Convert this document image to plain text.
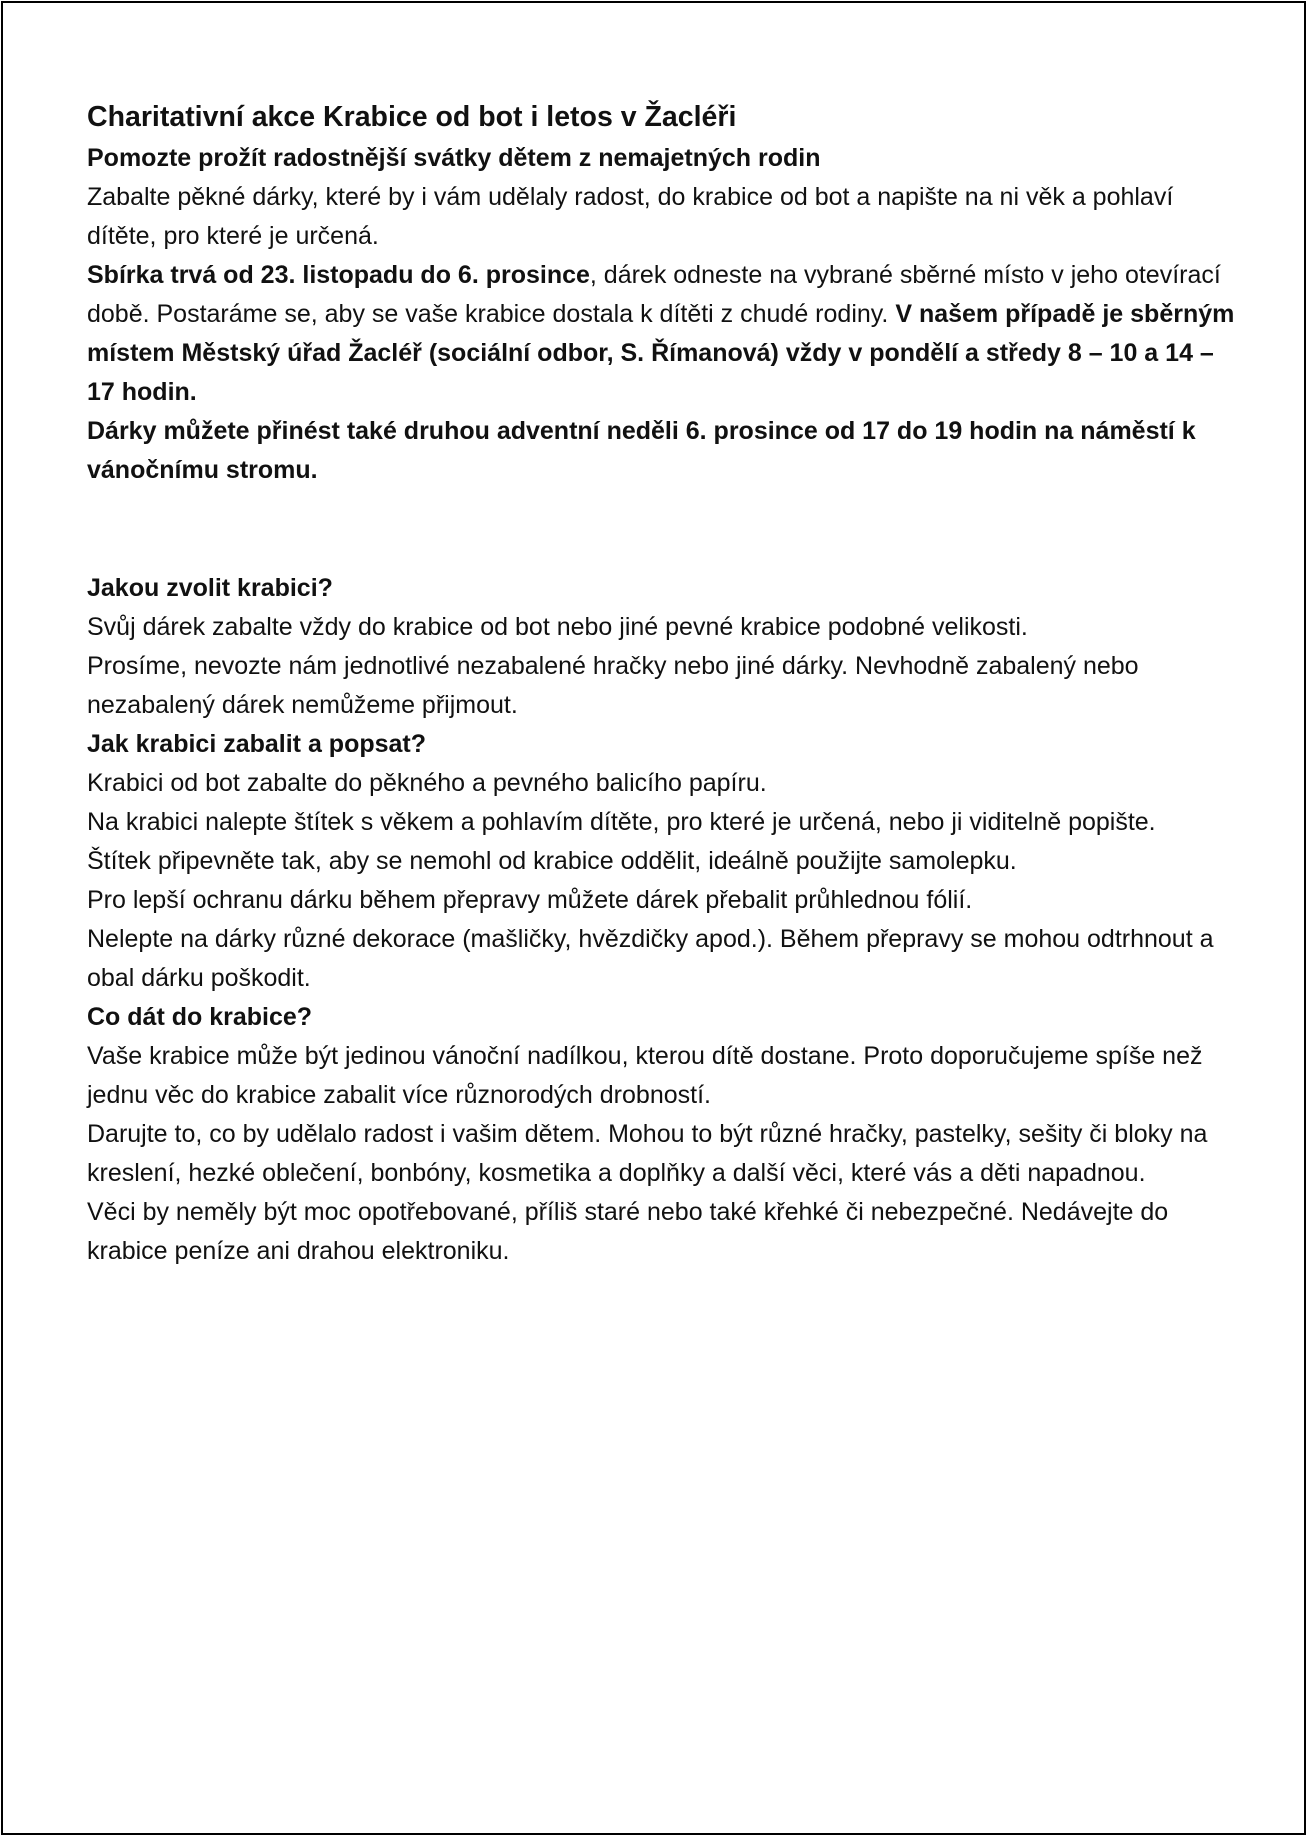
Charitativní akce Krabice od bot i letos v Žacléři

Pomozte prožít radostnější svátky dětem z nemajetných rodin

Zabalte pěkné dárky, které by i vám udělaly radost, do krabice od bot a napište na ni věk a pohlaví dítěte, pro které je určená.

Sbírka trvá od 23. listopadu do 6. prosince, dárek odneste na vybrané sběrné místo v jeho otevírací době. Postaráme se, aby se vaše krabice dostala k dítěti z chudé rodiny. V našem případě je sběrným místem Městský úřad Žacléř (sociální odbor, S. Římanová) vždy v pondělí a středy 8 – 10 a 14 – 17 hodin.

Dárky můžete přinést také druhou adventní neděli 6. prosince od 17 do 19 hodin na náměstí k vánočnímu stromu.

Jakou zvolit krabici?

Svůj dárek zabalte vždy do krabice od bot nebo jiné pevné krabice podobné velikosti.

Prosíme, nevozte nám jednotlivé nezabalené hračky nebo jiné dárky. Nevhodně zabalený nebo nezabalený dárek nemůžeme přijmout.

Jak krabici zabalit a popsat?

Krabici od bot zabalte do pěkného a pevného balicího papíru.

Na krabici nalepte štítek s věkem a pohlavím dítěte, pro které je určená, nebo ji viditelně popište.

Štítek připevněte tak, aby se nemohl od krabice oddělit, ideálně použijte samolepku.

Pro lepší ochranu dárku během přepravy můžete dárek přebalit průhlednou fólií.

Nelepte na dárky různé dekorace (mašličky, hvězdičky apod.). Během přepravy se mohou odtrhnout a obal dárku poškodit.

Co dát do krabice?

Vaše krabice může být jedinou vánoční nadílkou, kterou dítě dostane. Proto doporučujeme spíše než jednu věc do krabice zabalit více různorodých drobností.

Darujte to, co by udělalo radost i vašim dětem. Mohou to být různé hračky, pastelky, sešity či bloky na kreslení, hezké oblečení, bonbóny, kosmetika a doplňky a další věci, které vás a děti napadnou.

Věci by neměly být moc opotřebované, příliš staré nebo také křehké či nebezpečné. Nedávejte do krabice peníze ani drahou elektroniku.
